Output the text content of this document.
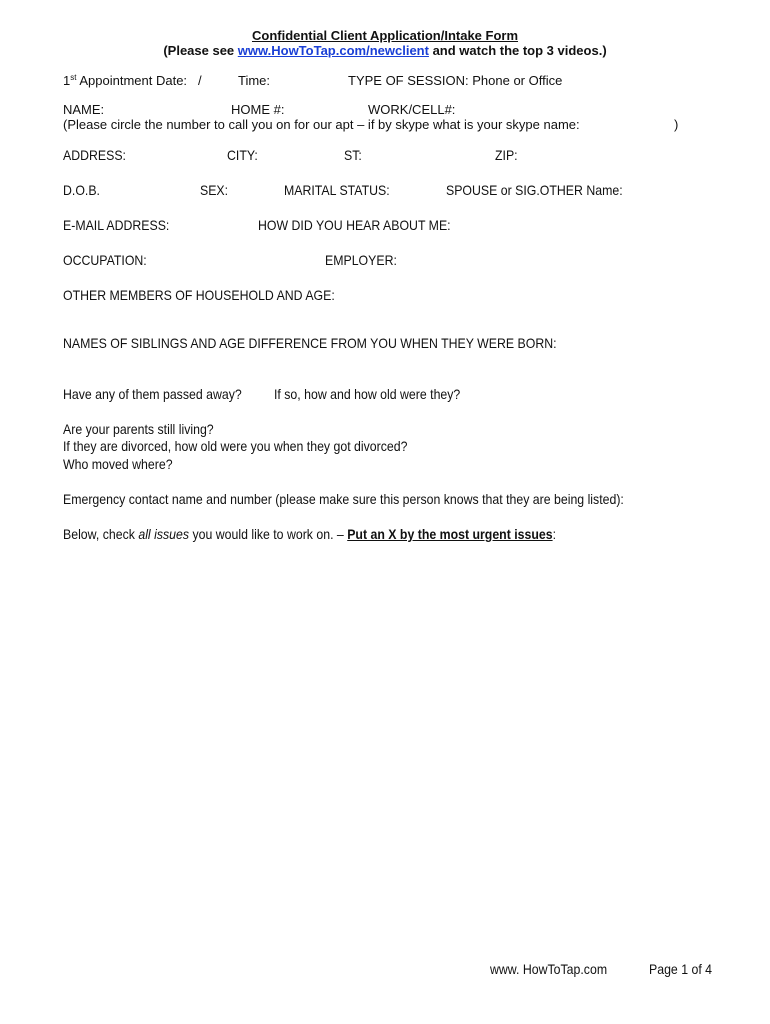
Confidential Client Application/Intake Form
(Please see www.HowToTap.com/newclient and watch the top 3 videos.)
1st Appointment Date: /	Time:	TYPE OF SESSION: Phone or Office
NAME:	HOME #:	WORK/CELL#:
(Please circle the number to call you on for our apt – if by skype what is your skype name:	)
ADDRESS:	CITY:	ST:	ZIP:
D.O.B.	SEX:	MARITAL STATUS:	SPOUSE or SIG.OTHER Name:
E-MAIL ADDRESS:	HOW DID YOU HEAR ABOUT ME:
OCCUPATION:	EMPLOYER:
OTHER MEMBERS OF HOUSEHOLD AND AGE:
NAMES OF SIBLINGS AND AGE DIFFERENCE FROM YOU WHEN THEY WERE BORN:
Have any of them passed away? If so, how and how old were they?
Are your parents still living?
If they are divorced, how old were you when they got divorced?
Who moved where?
Emergency contact name and number (please make sure this person knows that they are being listed):
Below, check all issues you would like to work on. – Put an X by the most urgent issues:
www. HowToTap.com	Page 1 of 4
